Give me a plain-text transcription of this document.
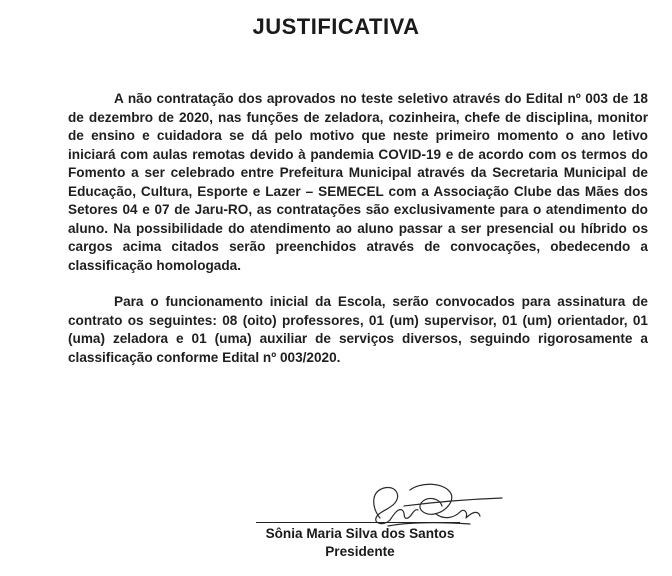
JUSTIFICATIVA

A não contratação dos aprovados no teste seletivo através do Edital nº 003 de 18 de dezembro de 2020, nas funções de zeladora, cozinheira, chefe de disciplina, monitor de ensino e cuidadora se dá pelo motivo que neste primeiro momento o ano letivo iniciará com aulas remotas devido à pandemia COVID-19 e de acordo com os termos do Fomento a ser celebrado entre Prefeitura Municipal através da Secretaria Municipal de Educação, Cultura, Esporte e Lazer – SEMECEL com a Associação Clube das Mães dos Setores 04 e 07 de Jaru-RO, as contratações são exclusivamente para o atendimento do aluno. Na possibilidade do atendimento ao aluno passar a ser presencial ou híbrido os cargos acima citados serão preenchidos através de convocações, obedecendo a classificação homologada.

Para o funcionamento inicial da Escola, serão convocados para assinatura de contrato os seguintes: 08 (oito) professores, 01 (um) supervisor, 01 (um) orientador, 01 (uma) zeladora e 01 (uma) auxiliar de serviços diversos, seguindo rigorosamente a classificação conforme Edital nº 003/2020.

Sônia Maria Silva dos Santos

Presidente
